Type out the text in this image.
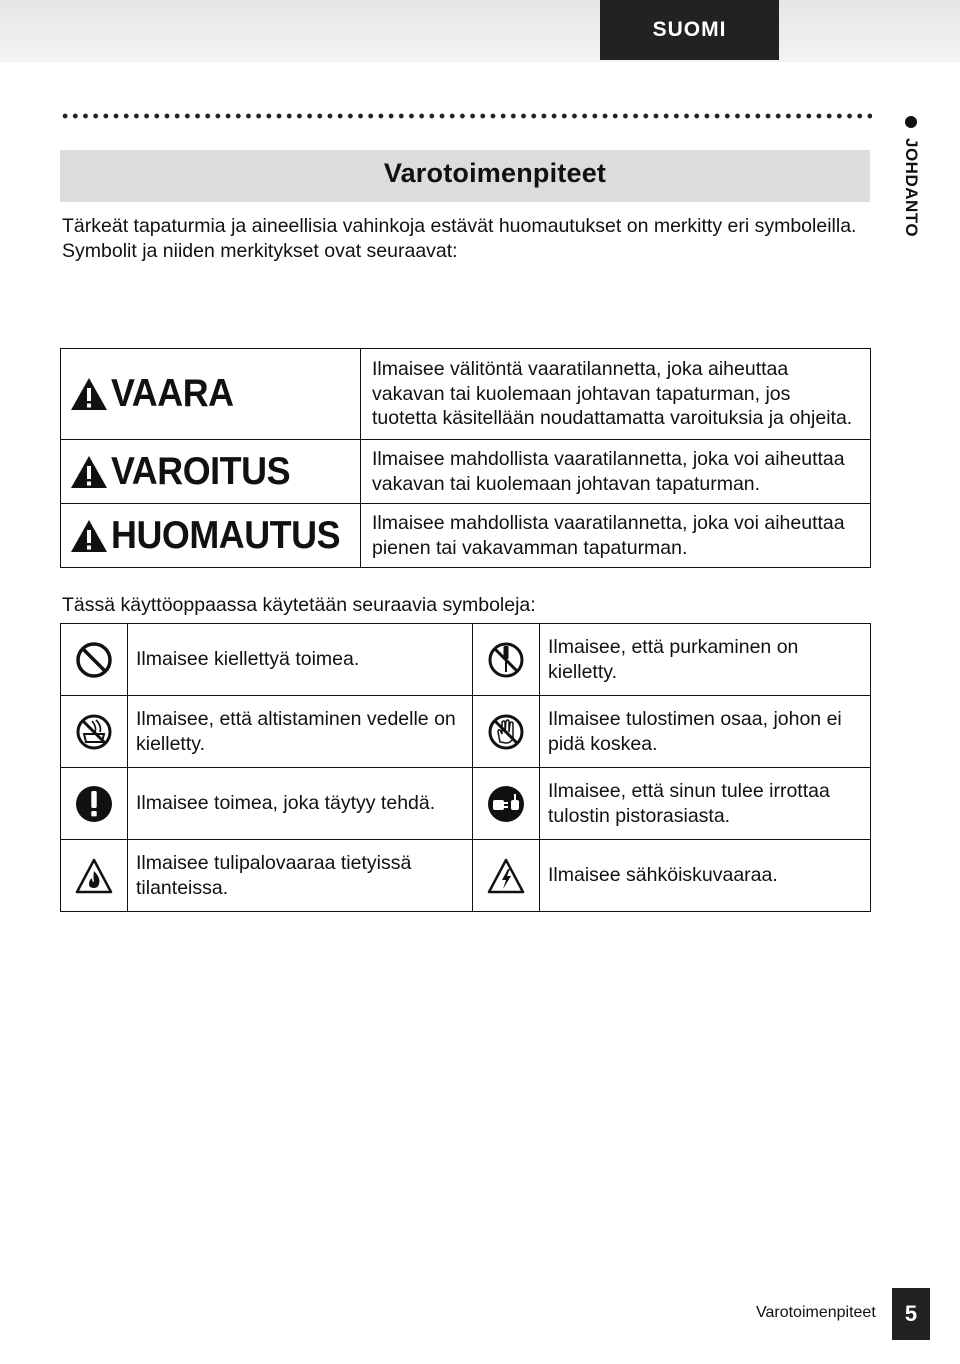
SUOMI
JOHDANTO
Varotoimenpiteet

Tärkeät tapaturmia ja aineellisia vahinkoja estävät huomautukset on merkitty eri symboleilla.

Symbolit ja niiden merkitykset ovat seuraavat:

VAARA	Ilmaisee välitöntä vaaratilannetta, joka aiheuttaa vakavan tai kuolemaan johtavan tapaturman, jos tuotetta käsitellään noudattamatta varoituksia ja ohjeita.

VAROITUS	Ilmaisee mahdollista vaaratilannetta, joka voi aiheuttaa vakavan tai kuolemaan johtavan tapaturman.

HUOMAUTUS	Ilmaisee mahdollista vaaratilannetta, joka voi aiheuttaa pienen tai vakavamman tapaturman.

Tässä käyttöoppaassa käytetään seuraavia symboleja:

	Ilmaisee kiellettyä toimea.		Ilmaisee, että purkaminen on kielletty.

	Ilmaisee, että altistaminen vedelle on kielletty.		Ilmaisee tulostimen osaa, johon ei pidä koskea.

	Ilmaisee toimea, joka täytyy tehdä.		Ilmaisee, että sinun tulee irrottaa tulostin pistorasiasta.

	Ilmaisee tulipalovaaraa tietyissä tilanteissa.		Ilmaisee sähköiskuvaaraa.
Varotoimenpiteet 5
